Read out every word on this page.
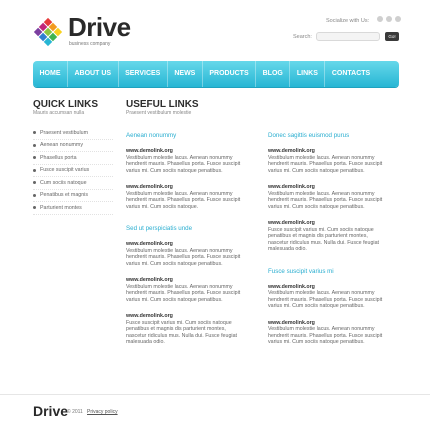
Drive
business company
Socialize with Us:
Search:	Go!
HOME	ABOUT US	SERVICES	NEWS	PRODUCTS	BLOG	LINKS	CONTACTS
QUICK LINKS
Mauris accumsan nulla
Praesent vestibulum
Aenean nonummy
Phasellus porta
Fusce suscipit varius
Cum sociis natoque
Penatibus et magnis
Parturient montes
USEFUL LINKS
Praesent vestibulum molestie
Aenean nonummy
www.demolink.org
Vestibulum molestie lacus. Aenean nonummy hendrerit mauris. Phasellus porta. Fusce suscipit varius mi. Cum sociis natoque penatibus.
www.demolink.org
Vestibulum molestie lacus. Aenean nonummy hendrerit mauris. Phasellus porta. Fusce suscipit varius mi. Cum sociis natoque.
Sed ut perspiciatis unde
www.demolink.org
Vestibulum molestie lacus. Aenean nonummy hendrerit mauris. Phasellus porta. Fusce suscipit varius mi. Cum sociis natoque penatibus.
www.demolink.org
Vestibulum molestie lacus. Aenean nonummy hendrerit mauris. Phasellus porta. Fusce suscipit varius mi. Cum sociis natoque penatibus.
www.demolink.org
Fusce suscipit varius mi. Cum sociis natoque penatibus et magnis dis parturient montes, nascetur ridiculus mus. Nulla dui. Fusce feugiat malesuada odio.
Donec sagittis euismod purus
www.demolink.org
Vestibulum molestie lacus. Aenean nonummy hendrerit mauris. Phasellus porta. Fusce suscipit varius mi. Cum sociis natoque penatibus.
www.demolink.org
Vestibulum molestie lacus. Aenean nonummy hendrerit mauris. Phasellus porta. Fusce suscipit varius mi. Cum sociis natoque penatibus.
www.demolink.org
Fusce suscipit varius mi. Cum sociis natoque penatibus et magnis dis parturient montes, nascetur ridiculus mus. Nulla dui. Fusce feugiat malesuada odio.
Fusce suscipit varius mi
www.demolink.org
Vestibulum molestie lacus. Aenean nonummy hendrerit mauris. Phasellus porta. Fusce suscipit varius mi. Cum sociis natoque penatibus.
www.demolink.org
Vestibulum molestie lacus. Aenean nonummy hendrerit mauris. Phasellus porta. Fusce suscipit varius mi. Cum sociis natoque penatibus.
Drive
© 2011 Privacy policy
